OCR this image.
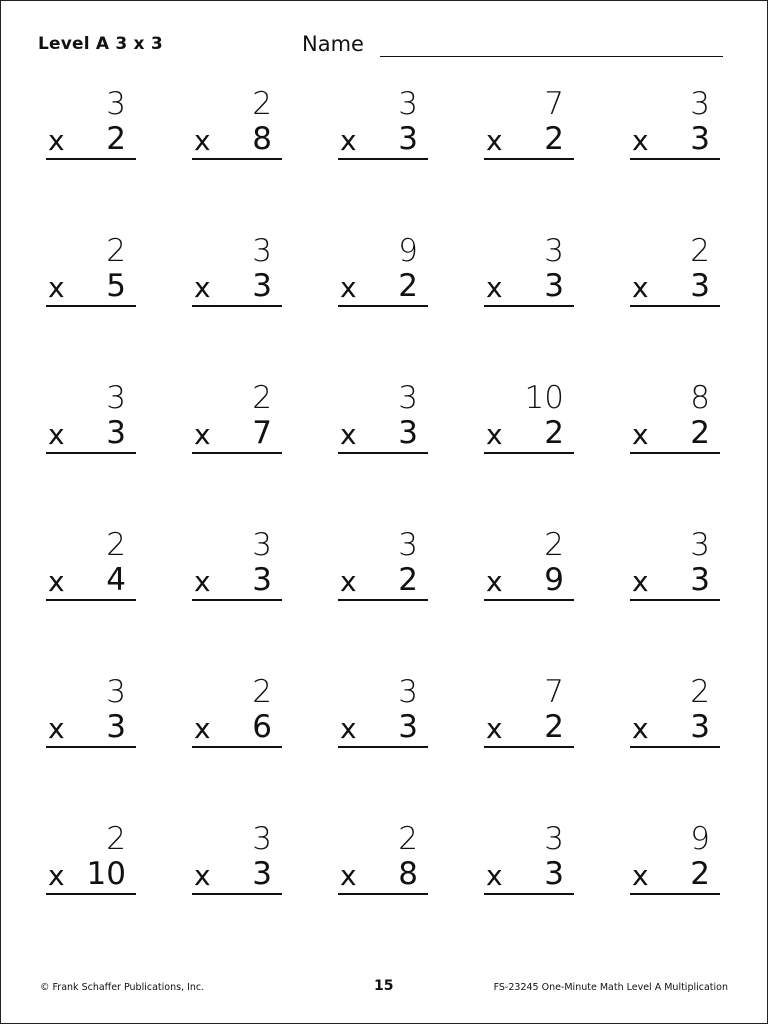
Level A 3 x 3	Name
3
x 2
2
x 8
3
x 3
7
x 2
3
x 3
2
x 5
3
x 3
9
x 2
3
x 3
2
x 3
3
x 3
2
x 7
3
x 3
10
x 2
8
x 2
2
x 4
3
x 3
3
x 2
2
x 9
3
x 3
3
x 3
2
x 6
3
x 3
7
x 2
2
x 3
2
x 10
3
x 3
2
x 8
3
x 3
9
x 2
© Frank Schaffer Publications, Inc.	15	FS-23245 One-Minute Math Level A Multiplication
